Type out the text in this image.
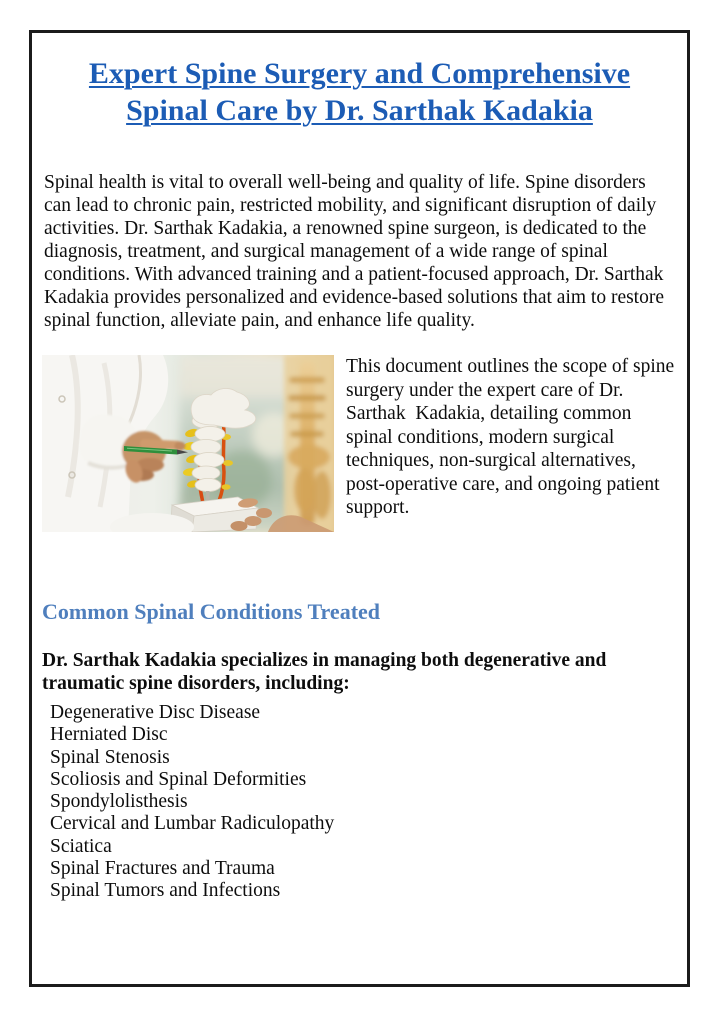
Expert Spine Surgery and Comprehensive Spinal Care by Dr. Sarthak Kadakia

Spinal health is vital to overall well-being and quality of life. Spine disorders can lead to chronic pain, restricted mobility, and significant disruption of daily activities. Dr. Sarthak Kadakia, a renowned spine surgeon, is dedicated to the diagnosis, treatment, and surgical management of a wide range of spinal conditions. With advanced training and a patient-focused approach, Dr. Sarthak Kadakia provides personalized and evidence-based solutions that aim to restore spinal function, alleviate pain, and enhance life quality.

This document outlines the scope of spine surgery under the expert care of Dr. Sarthak  Kadakia, detailing common spinal conditions, modern surgical techniques, non-surgical alternatives, post-operative care, and ongoing patient support.

Common Spinal Conditions Treated

Dr. Sarthak Kadakia specializes in managing both degenerative and traumatic spine disorders, including:

Degenerative Disc Disease
Herniated Disc
Spinal Stenosis
Scoliosis and Spinal Deformities
Spondylolisthesis
Cervical and Lumbar Radiculopathy
Sciatica
Spinal Fractures and Trauma
Spinal Tumors and Infections
